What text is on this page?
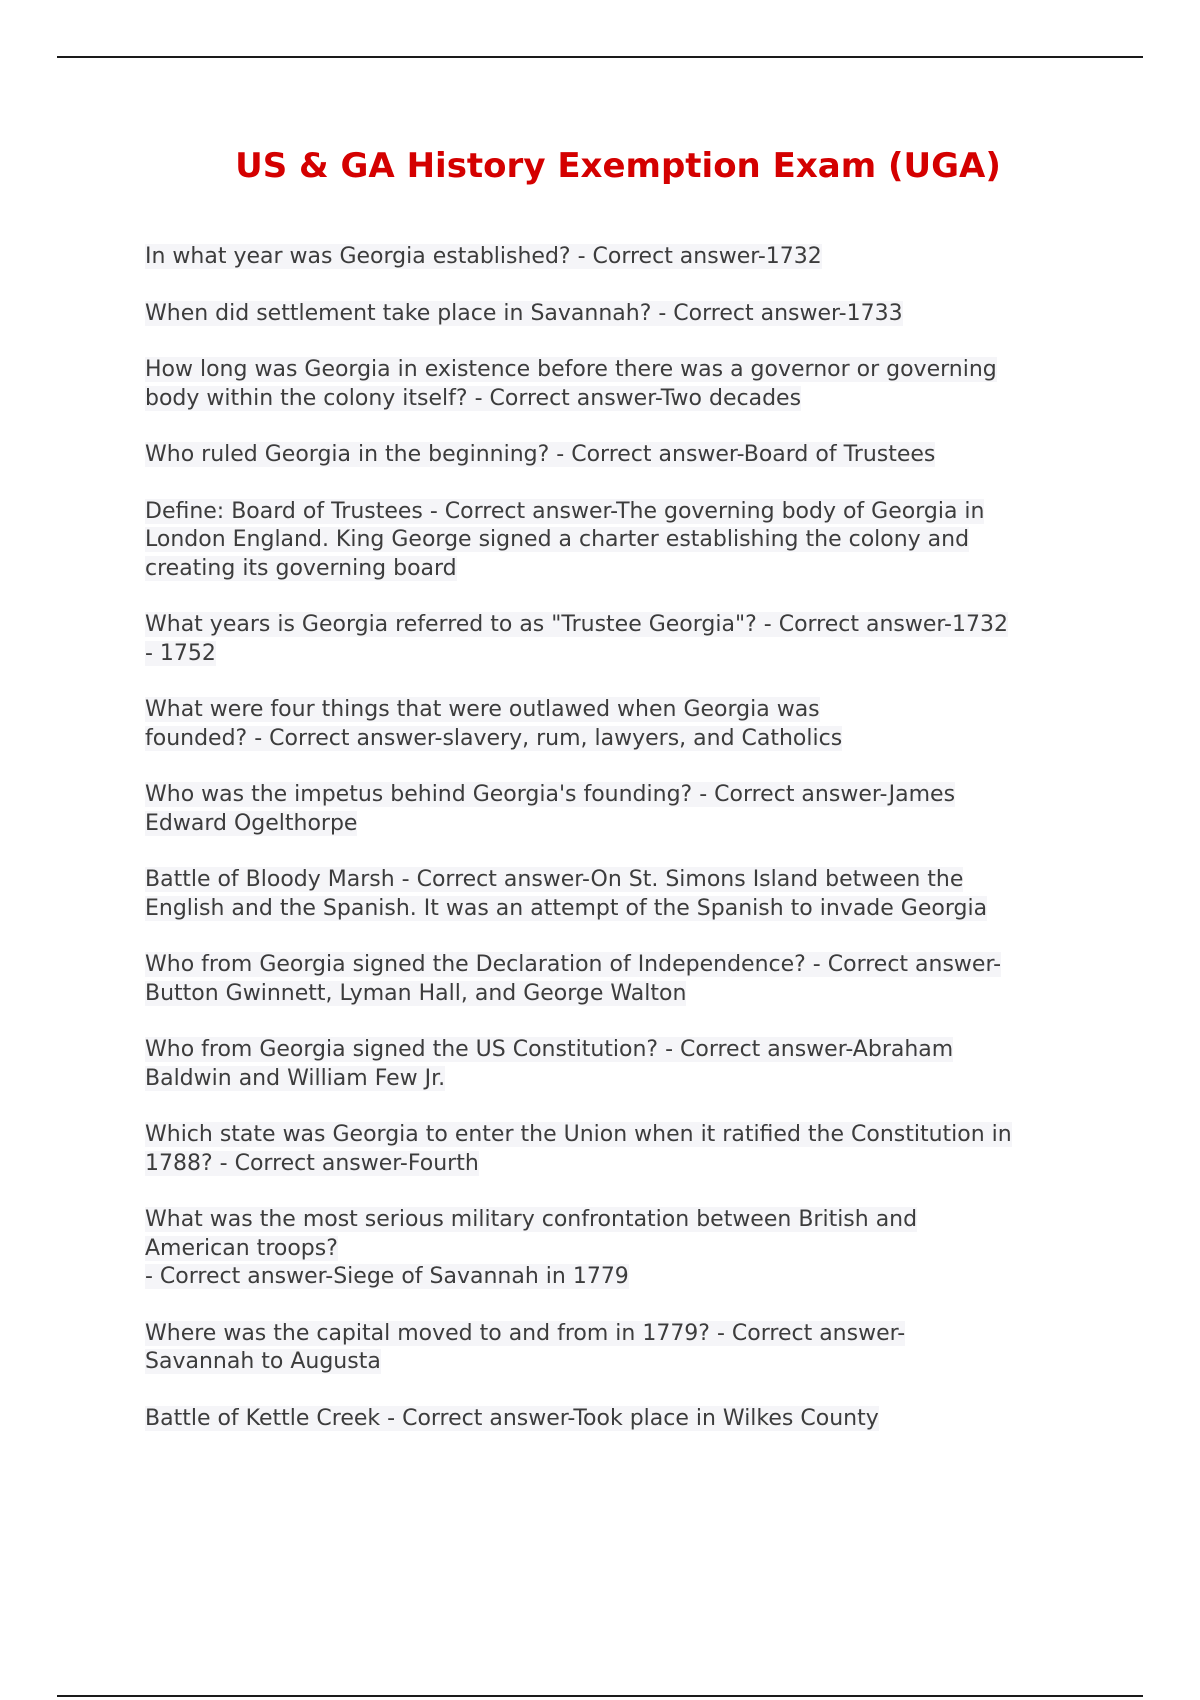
US & GA History Exemption Exam (UGA)

In what year was Georgia established? - Correct answer-1732

When did settlement take place in Savannah? - Correct answer-1733

How long was Georgia in existence before there was a governor or governing
body within the colony itself? - Correct answer-Two decades

Who ruled Georgia in the beginning? - Correct answer-Board of Trustees

Define: Board of Trustees - Correct answer-The governing body of Georgia in
London England. King George signed a charter establishing the colony and
creating its governing board

What years is Georgia referred to as "Trustee Georgia"? - Correct answer-1732
- 1752

What were four things that were outlawed when Georgia was
founded? - Correct answer-slavery, rum, lawyers, and Catholics

Who was the impetus behind Georgia's founding? - Correct answer-James
Edward Ogelthorpe

Battle of Bloody Marsh - Correct answer-On St. Simons Island between the
English and the Spanish. It was an attempt of the Spanish to invade Georgia

Who from Georgia signed the Declaration of Independence? - Correct answer-
Button Gwinnett, Lyman Hall, and George Walton

Who from Georgia signed the US Constitution? - Correct answer-Abraham
Baldwin and William Few Jr.

Which state was Georgia to enter the Union when it ratified the Constitution in
1788? - Correct answer-Fourth

What was the most serious military confrontation between British and
American troops?
- Correct answer-Siege of Savannah in 1779

Where was the capital moved to and from in 1779? - Correct answer-
Savannah to Augusta

Battle of Kettle Creek - Correct answer-Took place in Wilkes County
